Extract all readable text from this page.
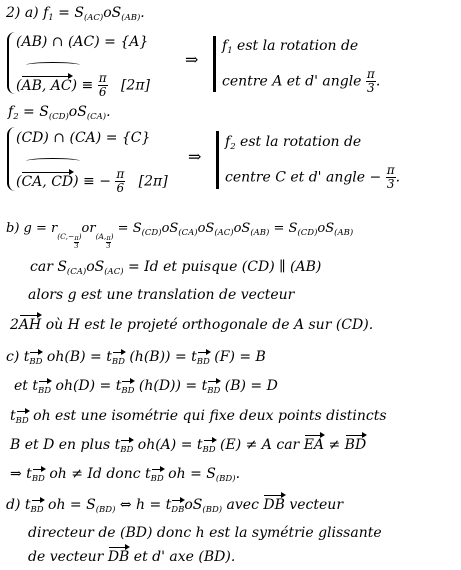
2) a) $f_1 = S_{(AC)}oS_{(AB)}$.
(AB) ∩ (AC) = {A}
(AB, $AC) \equiv \frac{\pi}{6} [2\pi]$
⇒
$f_1$ est la rotation de
centre A et d' angle $\frac{\pi}{3}$ .
$f_2 = S_{(CD)}oS_{(CA)}$.
(CD) ∩ (CA) = {C}
(CA, CD) ≡ − $\frac{\pi}{6} [2\pi]$
⇒
$f_2$ est la rotation de
centre C et d' angle − $\frac{\pi}{3}$ .
b) $g = r_{(C,- \frac{\pi}{3} )}or_{(A, \frac{\pi}{3} )} = S_{(CD)}oS_{(CA)}oS_{(AC)}oS_{(AB)} = S_{(CD)}oS_{(AB)}$
car $S_{(CA)}oS_{(AC)} = Id$ et puisque (CD) ∥ (AB)
alors g est une translation de vecteur
2AH où H est le projeté orthogonale de A sur (CD).
c) tBD oh(B) = tBD (h(B)) = tBD (F) = B
et tBD oh(D) = tBD (h(D)) = tBD (B) = D
tBD oh est une isométrie qui fixe deux points distincts
B et D en plus tBD oh(A) = tBD (E) ≠ A car EA ≠ BD
⇒ tBD oh ≠ Id donc tBD oh = $S_{(BD)}$.
d) tBD oh = $S_{(BD)}$ ⇔ h = tDBoS$_{(BD)}$ avec DB vecteur
directeur de (BD) donc h est la symétrie glissante
de vecteur DB et d' axe (BD).
